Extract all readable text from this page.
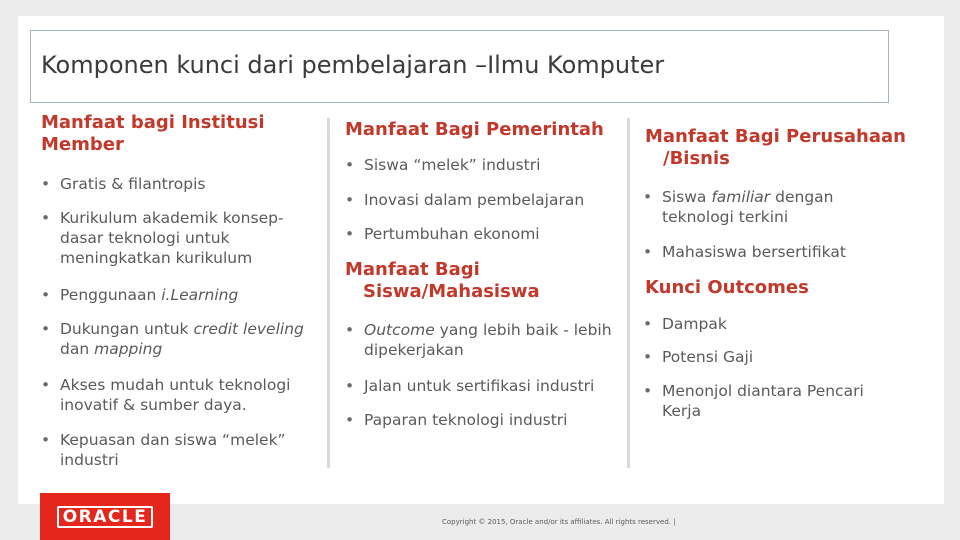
Komponen kunci dari pembelajaran –Ilmu Komputer
Manfaat bagi Institusi
Member
• Gratis & filantropis
• Kurikulum akademik konsep-
dasar teknologi untuk
meningkatkan kurikulum
• Penggunaan i.Learning
• Dukungan untuk credit leveling
dan mapping
• Akses mudah untuk teknologi
inovatif & sumber daya.
• Kepuasan dan siswa “melek”
industri
Manfaat Bagi Pemerintah
• Siswa “melek” industri
• Inovasi dalam pembelajaran
• Pertumbuhan ekonomi
Manfaat Bagi
Siswa/Mahasiswa
• Outcome yang lebih baik - lebih
dipekerjakan
• Jalan untuk sertifikasi industri
• Paparan teknologi industri
Manfaat Bagi Perusahaan
/Bisnis
• Siswa familiar dengan
teknologi terkini
• Mahasiswa bersertifikat
Kunci Outcomes
• Dampak
• Potensi Gaji
• Menonjol diantara Pencari
Kerja
ORACLE	Copyright © 2015, Oracle and/or its affiliates. All rights reserved. |
